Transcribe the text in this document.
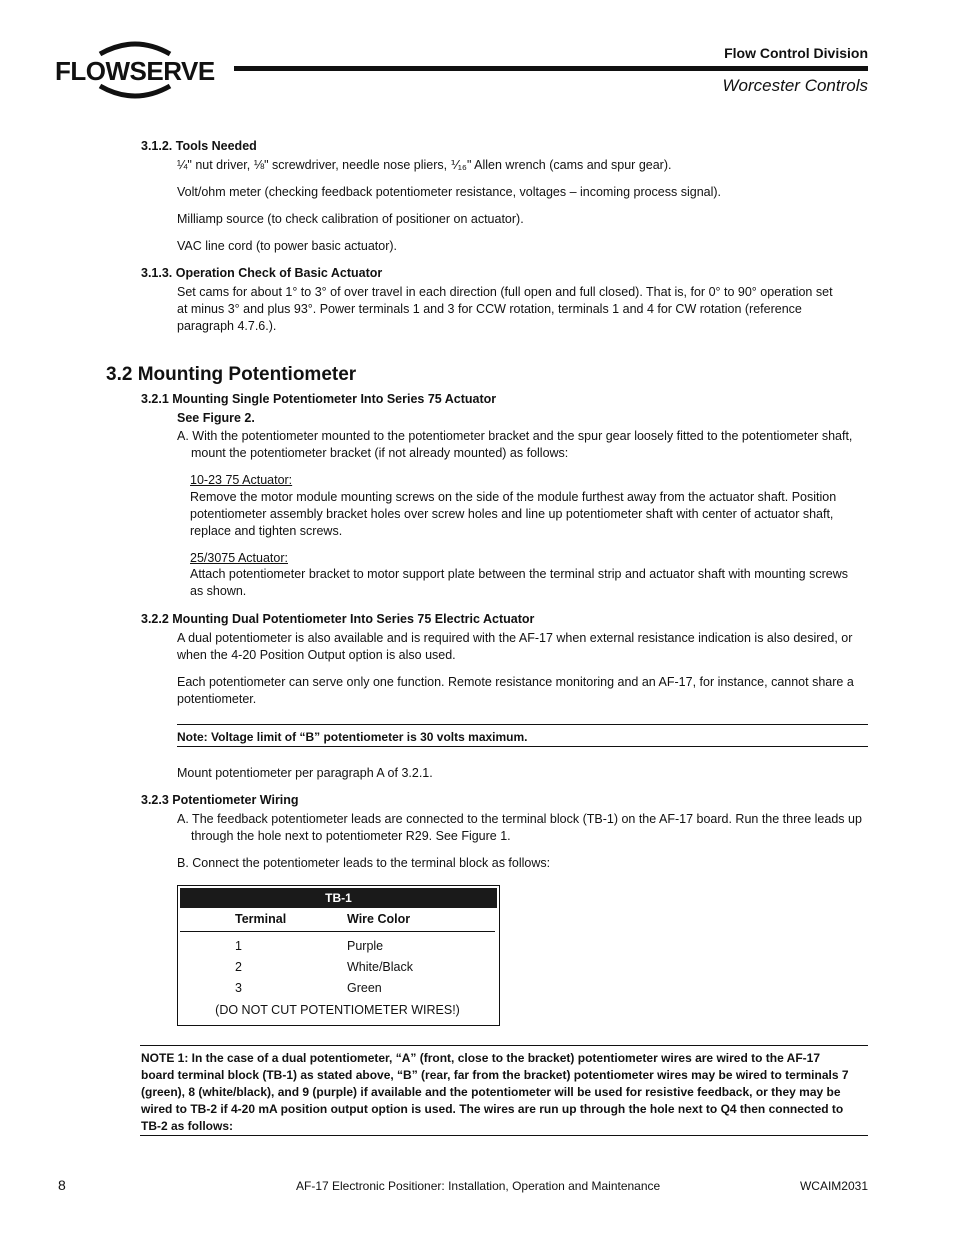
FLOWSERVE
Flow Control Division
Worcester Controls
3.1.2. Tools Needed
¼" nut driver, ⅛" screwdriver, needle nose pliers, ⅟₁₆" Allen wrench (cams and spur gear).
Volt/ohm meter (checking feedback potentiometer resistance, voltages – incoming process signal).
Milliamp source (to check calibration of positioner on actuator).
VAC line cord (to power basic actuator).
3.1.3. Operation Check of Basic Actuator
Set cams for about 1° to 3° of over travel in each direction (full open and full closed). That is, for 0° to 90° operation set
at minus 3° and plus 93°. Power terminals 1 and 3 for CCW rotation, terminals 1 and 4 for CW rotation (reference
paragraph 4.7.6.).
3.2 Mounting Potentiometer
3.2.1 Mounting Single Potentiometer Into Series 75 Actuator
See Figure 2.
A. With the potentiometer mounted to the potentiometer bracket and the spur gear loosely fitted to the potentiometer shaft,
mount the potentiometer bracket (if not already mounted) as follows:
10-23 75 Actuator:
Remove the motor module mounting screws on the side of the module furthest away from the actuator shaft. Position
potentiometer assembly bracket holes over screw holes and line up potentiometer shaft with center of actuator shaft,
replace and tighten screws.
25/3075 Actuator:
Attach potentiometer bracket to motor support plate between the terminal strip and actuator shaft with mounting screws
as shown.
3.2.2 Mounting Dual Potentiometer Into Series 75 Electric Actuator
A dual potentiometer is also available and is required with the AF-17 when external resistance indication is also desired, or
when the 4-20 Position Output option is also used.
Each potentiometer can serve only one function. Remote resistance monitoring and an AF-17, for instance, cannot share a
potentiometer.
Note: Voltage limit of “B” potentiometer is 30 volts maximum.
Mount potentiometer per paragraph A of 3.2.1.
3.2.3 Potentiometer Wiring
A. The feedback potentiometer leads are connected to the terminal block (TB-1) on the AF-17 board. Run the three leads up
through the hole next to potentiometer R29. See Figure 1.
B. Connect the potentiometer leads to the terminal block as follows:
TB-1
Terminal	Wire Color
1	Purple
2	White/Black
3	Green
(DO NOT CUT POTENTIOMETER WIRES!)
NOTE 1: In the case of a dual potentiometer, “A” (front, close to the bracket) potentiometer wires are wired to the AF-17
board terminal block (TB-1) as stated above, “B” (rear, far from the bracket) potentiometer wires may be wired to terminals 7
(green), 8 (white/black), and 9 (purple) if available and the potentiometer will be used for resistive feedback, or they may be
wired to TB-2 if 4-20 mA position output option is used. The wires are run up through the hole next to Q4 then connected to
TB-2 as follows:
8	AF-17 Electronic Positioner: Installation, Operation and Maintenance	WCAIM2031
